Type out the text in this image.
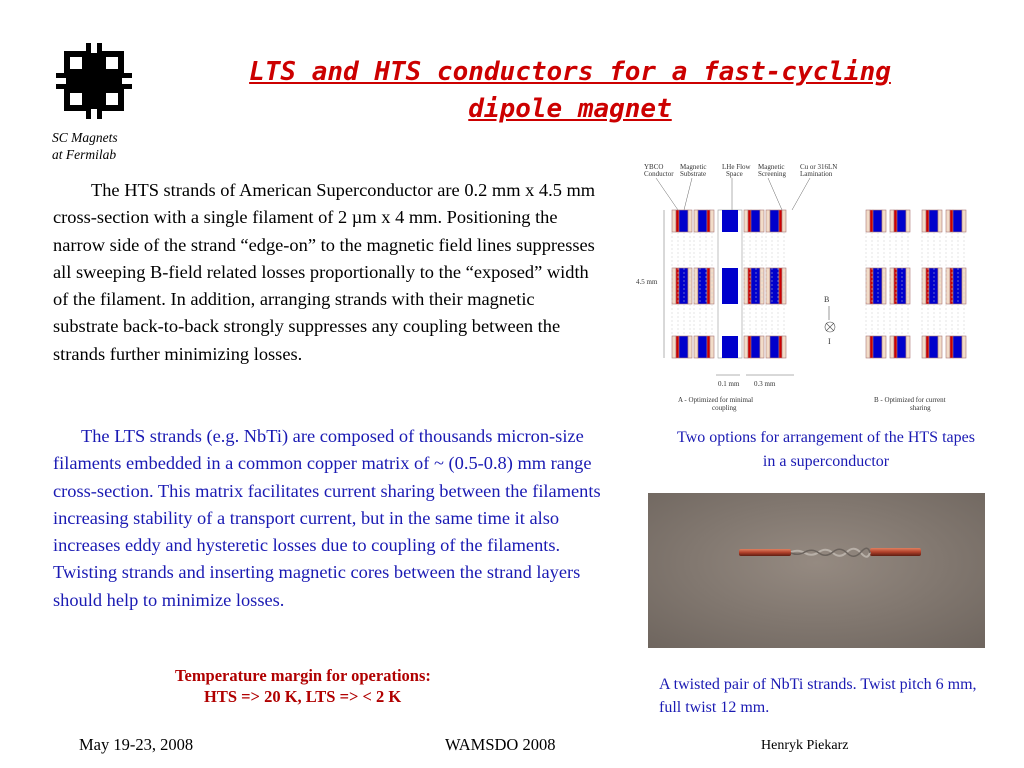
SC Magnets
at Fermilab
LTS and HTS conductors for a fast-cycling
dipole magnet
The HTS strands of American Superconductor are 0.2 mm x 4.5 mm cross-section with a single filament of 2 µm x 4 mm. Positioning the narrow side of the strand “edge-on” to the magnetic field lines suppresses all sweeping B-field related losses proportionally to the “exposed” width of the filament. In addition, arranging strands with their magnetic substrate back-to-back strongly suppresses any coupling between the strands further minimizing losses.
The LTS strands (e.g. NbTi) are composed of thousands micron-size filaments embedded in a common copper matrix of ~ (0.5-0.8) mm range cross-section. This matrix facilitates current sharing between the filaments increasing stability of a transport current, but in the same time it also increases eddy and hysteretic losses due to coupling of the filaments. Twisting strands and inserting magnetic cores between the strand layers should help to minimize losses.
Temperature margin for operations:
HTS => 20 K, LTS => < 2 K
YBCO Conductor
Magnetic Substrate
LHe Flow Space
Magnetic Screening
Cu or 316LN Lamination
4.5 mm
B
I
0.1 mm 0.3 mm
A - Optimized for minimal coupling
B - Optimized for current sharing
Two options for arrangement of the HTS tapes in a superconductor
A twisted pair of NbTi strands. Twist pitch 6 mm, full twist 12 mm.
May 19-23, 2008	WAMSDO 2008	Henryk Piekarz
